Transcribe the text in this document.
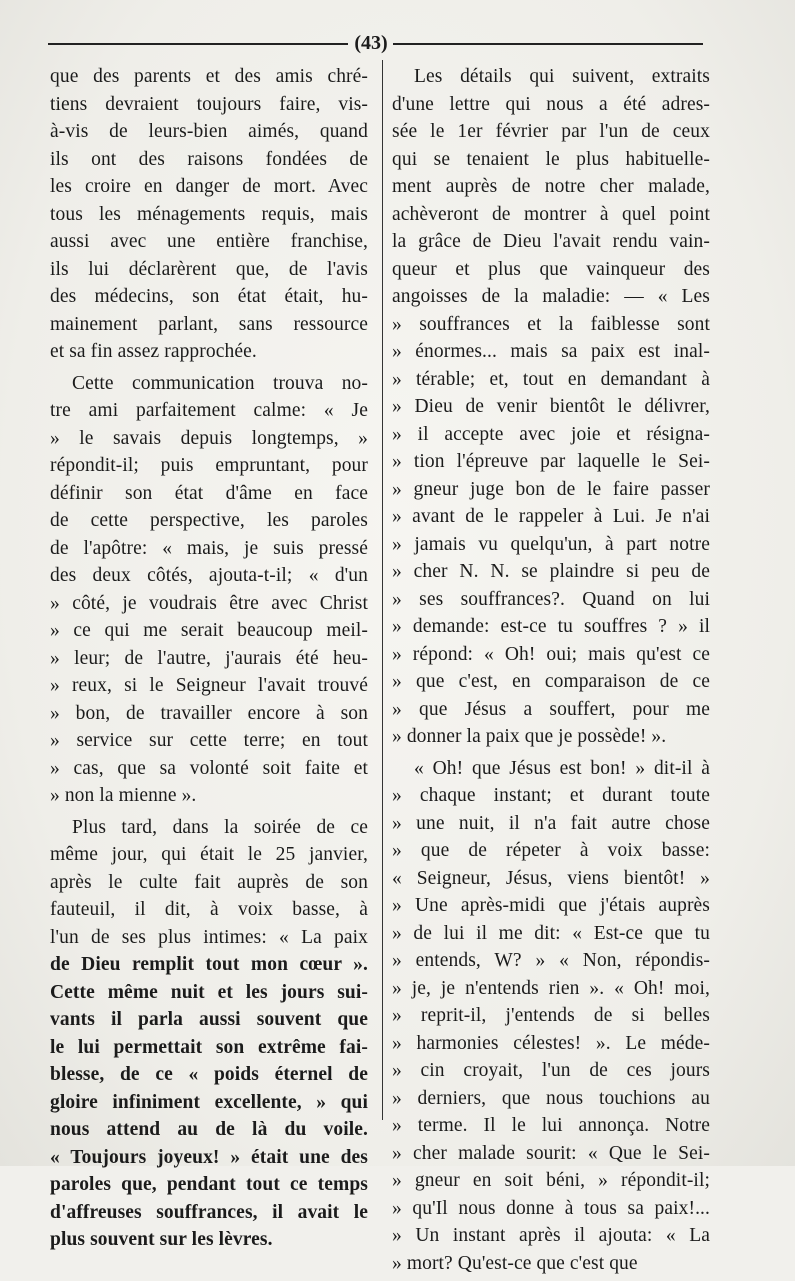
(43)
que des parents et des amis chré-
tiens devraient toujours faire, vis-
à-vis de leurs-bien aimés, quand
ils ont des raisons fondées de
les croire en danger de mort. Avec
tous les ménagements requis, mais
aussi avec une entière franchise,
ils lui déclarèrent que, de l'avis
des médecins, son état était, hu-
mainement parlant, sans ressource
et sa fin assez rapprochée.
Cette communication trouva no-
tre ami parfaitement calme: « Je
» le savais depuis longtemps, »
répondit-il; puis empruntant, pour
définir son état d'âme en face
de cette perspective, les paroles
de l'apôtre: « mais, je suis pressé
des deux côtés, ajouta-t-il; « d'un
» côté, je voudrais être avec Christ
» ce qui me serait beaucoup meil-
» leur; de l'autre, j'aurais été heu-
» reux, si le Seigneur l'avait trouvé
» bon, de travailler encore à son
» service sur cette terre; en tout
» cas, que sa volonté soit faite et
» non la mienne ».
Plus tard, dans la soirée de ce
même jour, qui était le 25 janvier,
après le culte fait auprès de son
fauteuil, il dit, à voix basse, à
l'un de ses plus intimes: « La paix
de Dieu remplit tout mon cœur ».
Cette même nuit et les jours sui-
vants il parla aussi souvent que
le lui permettait son extrême fai-
blesse, de ce « poids éternel de
gloire infiniment excellente, » qui
nous attend au de là du voile.
« Toujours joyeux! » était une des
paroles que, pendant tout ce temps
d'affreuses souffrances, il avait le
plus souvent sur les lèvres.
Les détails qui suivent, extraits
d'une lettre qui nous a été adres-
sée le 1er février par l'un de ceux
qui se tenaient le plus habituelle-
ment auprès de notre cher malade,
achèveront de montrer à quel point
la grâce de Dieu l'avait rendu vain-
queur et plus que vainqueur des
angoisses de la maladie: — « Les
» souffrances et la faiblesse sont
» énormes... mais sa paix est inal-
» térable; et, tout en demandant à
» Dieu de venir bientôt le délivrer,
» il accepte avec joie et résigna-
» tion l'épreuve par laquelle le Sei-
» gneur juge bon de le faire passer
» avant de le rappeler à Lui. Je n'ai
» jamais vu quelqu'un, à part notre
» cher N. N. se plaindre si peu de
» ses souffrances?. Quand on lui
» demande: est-ce tu souffres ? » il
» répond: « Oh! oui; mais qu'est ce
» que c'est, en comparaison de ce
» que Jésus a souffert, pour me
» donner la paix que je possède! ».
« Oh! que Jésus est bon! » dit-il à
» chaque instant; et durant toute
» une nuit, il n'a fait autre chose
» que de répeter à voix basse:
« Seigneur, Jésus, viens bientôt! »
» Une après-midi que j'étais auprès
» de lui il me dit: « Est-ce que tu
» entends, W? » « Non, répondis-
» je, je n'entends rien ». « Oh! moi,
» reprit-il, j'entends de si belles
» harmonies célestes! ». Le méde-
» cin croyait, l'un de ces jours
» derniers, que nous touchions au
» terme. Il le lui annonça. Notre
» cher malade sourit: « Que le Sei-
» gneur en soit béni, » répondit-il;
» qu'Il nous donne à tous sa paix!...
» Un instant après il ajouta: « La
» mort? Qu'est-ce que c'est que
